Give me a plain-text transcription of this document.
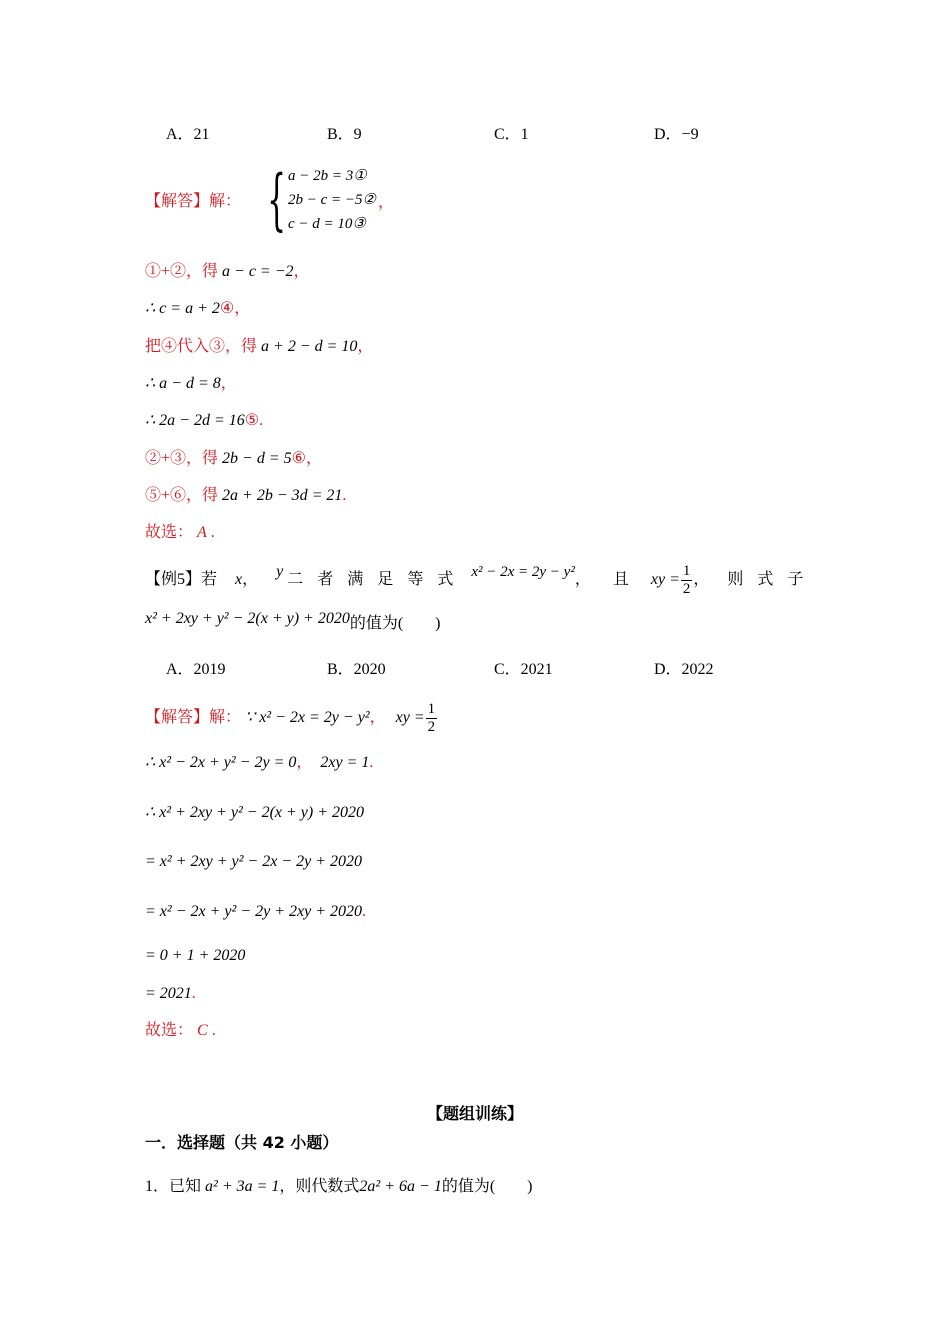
A．21	B．9	C．1	D．−9
【解答】解： { a − 2b = 3①
2b − c = −5②
c − d = 10③
，
①+②，得 a − c = −2，
∴ c = a + 2④，
把④代入③，得 a + 2 − d = 10，
∴ a − d = 8，
∴ 2a − 2d = 16⑤.
②+③，得 2b − d = 5⑥，
⑤+⑥，得 2a + 2b − 3d = 21.
故选： A .
【例5】若 x， y 二 者 满 足 等 式 x² − 2x = 2y − y²， 且 xy = $\frac{1}{2}$ ， 则 式 子
x² + 2xy + y² − 2(x + y) + 2020的值为(　　)
A．2019	B．2020	C．2021	D．2022
【解答】解： ∵ x² − 2x = 2y − y²， xy = $\frac{1}{2}$
∴ x² − 2x + y² − 2y = 0， 2xy = 1.
∴ x² + 2xy + y² − 2(x + y) + 2020
= x² + 2xy + y² − 2x − 2y + 2020
= x² − 2x + y² − 2y + 2xy + 2020.
= 0 + 1 + 2020
= 2021.
故选： C .
【题组训练】
一．选择题（共 42 小题）
1．已知 a² + 3a = 1，则代数式2a² + 6a − 1的值为(　　)
